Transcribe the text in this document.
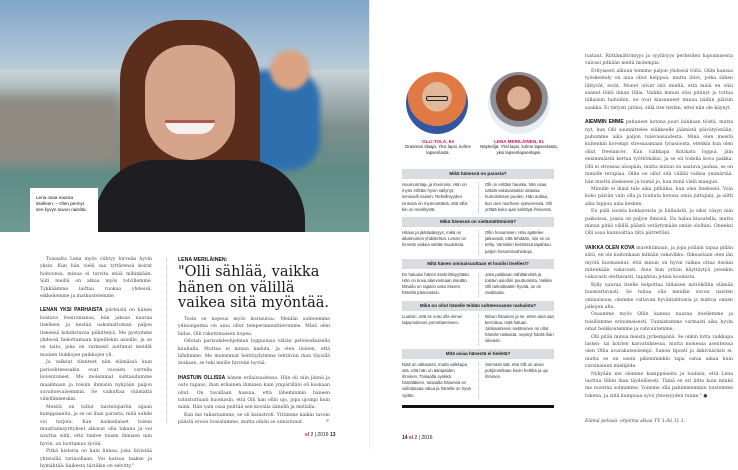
Lena osaa nauraa itselleen. – Olen perinyt sen kyvyn suvun naisilta.

Toisaalta Lena myös viihtyy hirveän hyvin yksin. Kun hän vielä saa tyttärensä koirat hoitoonsa, minua ei tarvita enää mihinkään. Siiti meillä on alkaa myös tolvillemme. Tykkäämme laittaa ruokaa yhdessä, eikkeliemme ja matkustelemme.

LENAN YKSI PARHAISTA piirteistä on hänen loistava itseironiansa, hän jaksaa nauraa itselleen ja kestää uskomattoman paljon itseensä kohdistuvaa piikittelyä. Me pystymme yhdessä hekottamaan kipeillekin asioille, ja se on taito, joka on varmasti auttanut meidät monien tiukkojen paikkojen yli.

Ja valkeat tilanteet niin elämässä kuin parisuhteessakin ovat vuosien varrella loiventuneet. Me molemmat suhtaudumme maailmaan ja toisiin ihmisiin nykyään paljon suvaitsevaisemmin. Se vaikuttaa väämättä välellimmeskin.

Meistä on tullut taistelupariin sijaan kumppaneita, ja se on ihan parasta, mitä suhde voi tarjota. Kun kaikenlaiset toisen muuttamisyritykset alkavat olla takana ja voi nauttia siitä, että tuntee toisen ihmisen niin hyvin, on luottamus syvää.

Pitkä historia on kuin liimaa, joka tiivistää yhteisillä tarinoillaan. Voi katsoa taakse ja hymähtää: kaikesta tästäkin on selvitty."

LENA MERILÄINEN:
"Olli sählää, vaikka hänen on välillä vaikea sitä myöntää.

Tosin se nopeus myös kostautuu. Meidän suhteemme ydinongelma on aina ollut temperamenttieromme. Minä olen hidas, Olli rakettimaisen nopea.

Odotan parisuhdeohjelman loppuunsa vähän pelonsekaisella kauhulla. Muttaa ei minua kaduta, ja olen iloinen, että lähdimme. Me molemmat heittäydyimme tehtäviin ihan täysillä mukaan, se teki meille hirveän hyvää.

IHASTUIN OLLISSA hänen erilaisuudessa. Hän oli niin jännä ja outo tapaus, ihan erilainen ihminen kuin ympärilläni oli koskaan ollut. On tavallaan hassua, että läheminmin häneen tutustuttuani huomasin, että Olli han ollin ujo, jopa ujompi kuin minä. Hän vain osaa peittää sen kovalla äänellä ja mellalla.

Kun me rakastuimme, se oli katastrofi. Yritimme kaikin tavoin päästä eroon toisistamme, mutta eihän se onnistunut.	»
el 2 | 2016 13
OLLI TOLA, 64
Draaman tilaaja. Yksi lapsi, kolme lapsenlasta.
LENA MERILÄINEN, 61
Näyttelijä. Yksi lapsi, kolme lapsenlasta, yksi lapsenlapsenlapsi.
Mikä hänessä on parasta?
Huumorintaju ja itseironia. Hän on myös erittäin hyvin säilynyt, sensuelli nainen. Rehellisyyden ninessä on myönnettävä, että sillä-kin on merkitystä.
Olli on erittäin hauska, hän osaa nähdä vakavassakin asiassa humoristisen puolen. Hän auttaa, kun olen murheen syövereissä. Olli yrittää koko ajan kehittyä ihmisenä.
Mikä hänessä on sietämättömintä?
Hitaus ja jääräpäisyys, mikä on aikamoinen yhdistelmä. Lenan on hirveän vaikea sietää muutoksia.
Ollin hosuminen. Hän ajattelee jatkuvasti, että tehdään, niin se on tehty. Varsinkin keittiössä tapahtuu paljon hosumisvahinkoja.
Mitä hänen ominaisuuttaan et huolisi itsellesi?
En haluaisi hänen itsekriittisyyttään. Hän on kova alanvoimaan itseään. Minulla on rajaton usko itseeni, hänellä päinvastoin.
Joka paikkaan sähläämistä ja toisten asioihin puuttumista. Vaikka Olli tarkoittaakin hyvää, se on rasittavaa.
Mikä on ollut hänelle teidän suhteessanne raskainta?
Luulisin, että se voisi olla minun taipumukseni pomottamiseen.
Minun hitauteni ja se, etten aina saa kerrottua, mitä haluan. Jahkaamiseni sietäminen on ollut hänelle raskasta, nepinyt häntä ihan oikeasti.
Mitä asiaa hänestä ei tiedetä?
Niitä on valtavasti, mutta valkkapa sitä, että hän on äänipäiden ihminen. Toisaalta synkkä hämäläinen, toisaalta hänessä on valloittavaa valoa ja hänellä on hyvä sydän.
Varmasti sitä, että Olli on aivan pohjimmiltaan kovin herkkä ja ujo ihminen.
14 el 2 | 2016

tustaut. Riittämättömyys ja syyllisyys perheiden hajoamisesta vaivasi pitkään meitä molempia.

Erityisesti alkuun teimme paljon yhdessä töitä. Ollin kanssa työskentely on aina ollut helppoa, mutta liitot, jotka siihen liittyvät, eivät. Monet olivat sitä mieltä, että minä en olisi saanut töitä ilman Ollia. Vaikka minun olisi pitänyt jo tottua tällaisiin huhuihin, ne ovat kiusanneet minua näihin päiviin saakka. Ei tietysti pitäisi, sillä itse tiedän, ettei niin ole käynyt.

AIEMMIN EMME puhuneet kotona juuri lainkaan töistä, mutta nyt, kun Olli suunnittelee eläkkeelle jäämistä päivätyöstään, puhumme aika paljon tulevaisuudesta. Minä olen meistä kuitenkin kovempi stressaamaan työasioista, etenkin kun olen ollut freelancer. Kun valkkapa Kotikatu loppui, jäin ensimmäistä kertaa työttömäksi, ja se oli todella kova paikka. Olli ei stressaa ulospäin, mutta minun on saatava jauhaa, se on minulle terapiaa. Ollin on ollut sitä välillä vaikea ymmärtää, hän miettii itsekseen ja toimii jo, kun minä vielä mangun.

Minulle ei ikinä tule aika pitkäksi, kun olen itsekseni. Voin koko päivän vain olla ja touhuta kotona omia juttujani, ja siltti aika loppuu aina kesken.

En pidä isoista kokkareista ja hälinästä, ja siksi väsyn niin paikoissa, joissa on paljon ihmisiä. En halua kiusatella, mutta minun pitää välillä päästä vetäytymään omiin oloihini. Onneksi Olli osaa kunnioittaa tätä piirrettäni.

VAIKKA OLEN KOVA murehtimaan, ja jopa joillain tapaa pidän siitä, en ole kuitenkaan mikään vakavikko. Oikeastaan olen iän myötä huomannut, että minun on hyvin vaikea ottaa itseäni mitenkään vakavasti. Aina kun yritän käyttäytyä jotenkin vakavasti otettavasti, tapahtuu jotain koomista.

Kyky nauraa itselle helpottaa tällaisen mörököllin elämää huomattavasti. Se taitaa olla meidän suvun naisten ominaisuus, olemme valtavan hyväntahtoisia ja mattoa omien jalkojen alta.

Osaamme myös Ollin kanssa nauraa itsellemme ja toisillemme erinomaisesti. Tunnistamme varmasti aika hyvin omat heikkoutemme ja vahvuutemme.

Olli pitää minua meistä jyrkempänä. Se onkin totta vaikkapa lasten- tai koirien kasvatuksessa, mutta monessa asenteissa olen Ollia avarakatseisempi. Sanon tiposti ja äkkiväärästi ei, mutta se on usein pikemminkin tapa ostaa aikaa kuin varsinainen mielipide.

Nykyään me olemme kumppaneita ja luulisin, että Lena luottaa Olliin ihan täydellisesti. Tämä on eri liitto kuin minkä me nuorina solmimme. Voimme olla pahimmemmin toistemme tukena, ja siitä kumpuaa syvä yhteisyyden tunne." ●

Elämä pelissä -ohjelma alkaa TV 1:llä 31.1.
